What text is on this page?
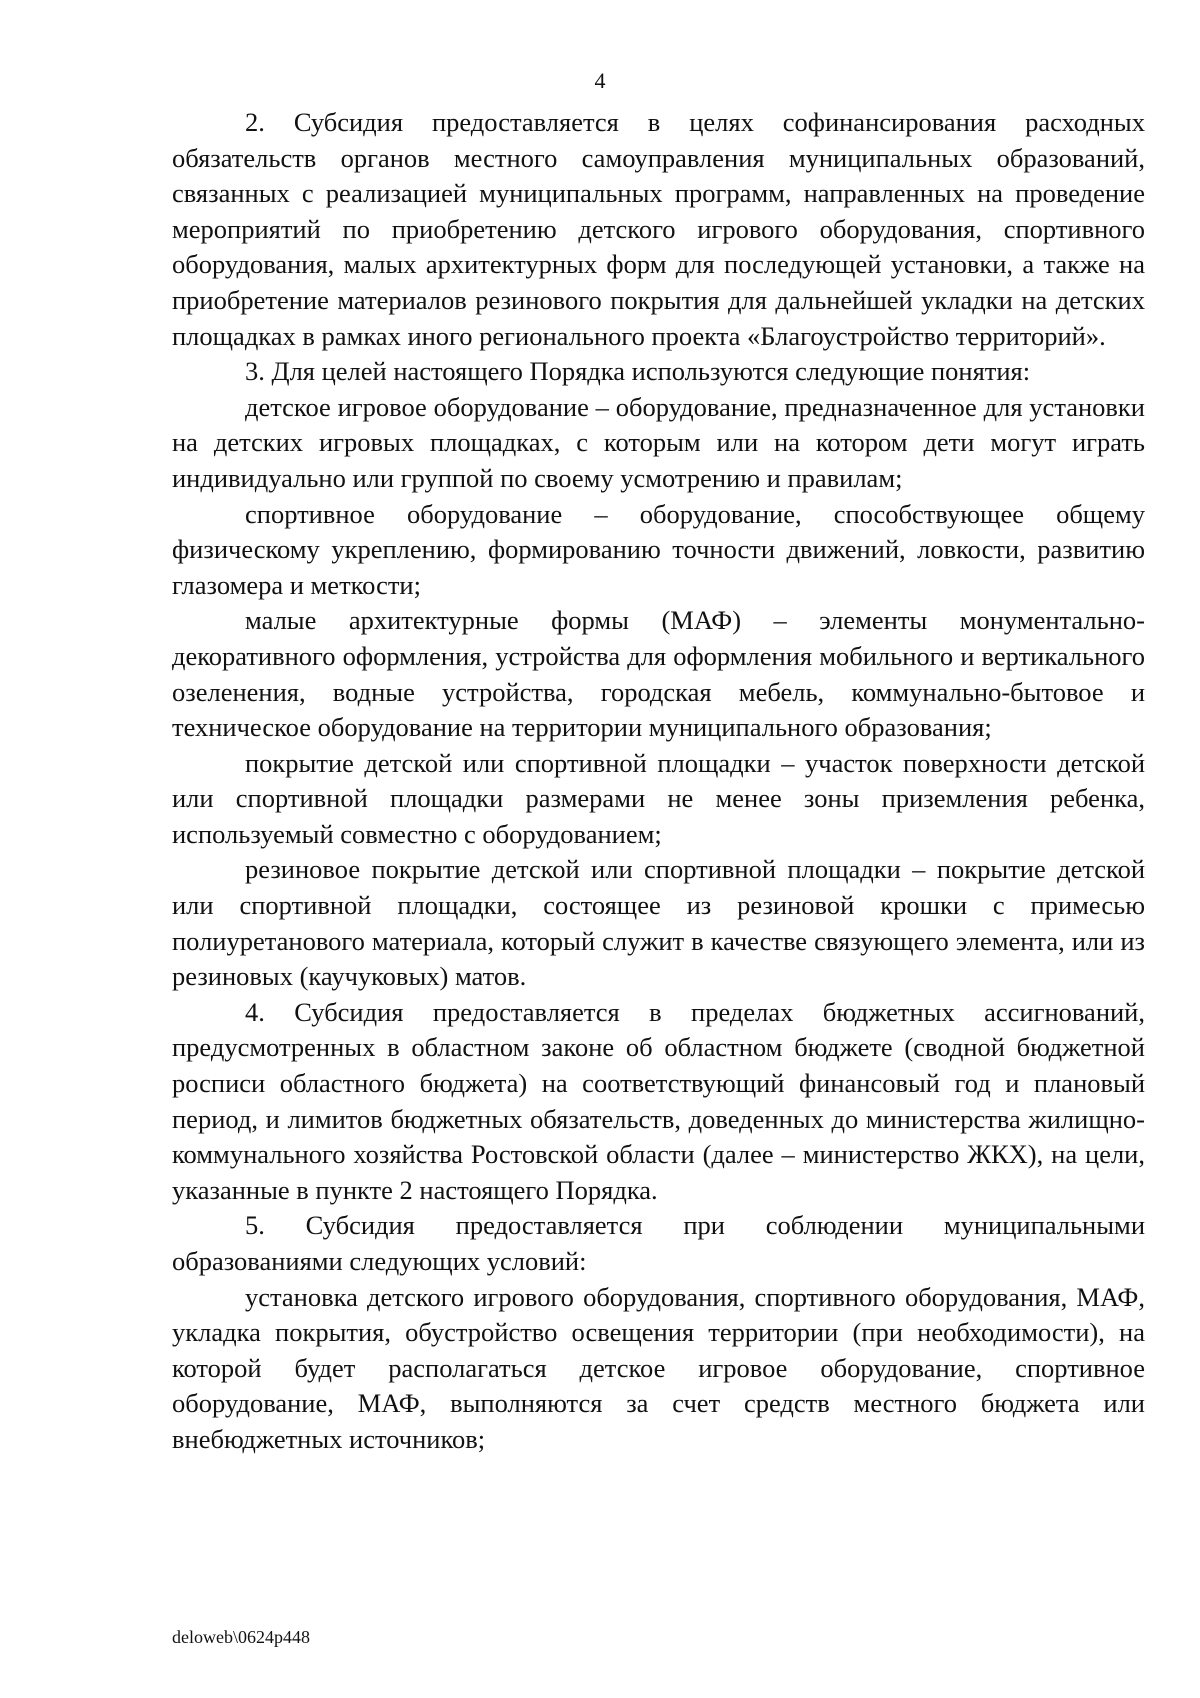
4

2. Субсидия предоставляется в целях софинансирования расходных обязательств органов местного самоуправления муниципальных образований, связанных с реализацией муниципальных программ, направленных на проведение мероприятий по приобретению детского игрового оборудования, спортивного оборудования, малых архитектурных форм для последующей установки, а также на приобретение материалов резинового покрытия для дальнейшей укладки на детских площадках в рамках иного регионального проекта «Благоустройство территорий».

3. Для целей настоящего Порядка используются следующие понятия:

детское игровое оборудование – оборудование, предназначенное для установки на детских игровых площадках, с которым или на котором дети могут играть индивидуально или группой по своему усмотрению и правилам;

спортивное оборудование – оборудование, способствующее общему физическому укреплению, формированию точности движений, ловкости, развитию глазомера и меткости;

малые архитектурные формы (МАФ) – элементы монументально-декоративного оформления, устройства для оформления мобильного и вертикального озеленения, водные устройства, городская мебель, коммунально-бытовое и техническое оборудование на территории муниципального образования;

покрытие детской или спортивной площадки – участок поверхности детской или спортивной площадки размерами не менее зоны приземления ребенка, используемый совместно с оборудованием;

резиновое покрытие детской или спортивной площадки – покрытие детской или спортивной площадки, состоящее из резиновой крошки с примесью полиуретанового материала, который служит в качестве связующего элемента, или из резиновых (каучуковых) матов.

4. Субсидия предоставляется в пределах бюджетных ассигнований, предусмотренных в областном законе об областном бюджете (сводной бюджетной росписи областного бюджета) на соответствующий финансовый год и плановый период, и лимитов бюджетных обязательств, доведенных до министерства жилищно-коммунального хозяйства Ростовской области (далее – министерство ЖКХ), на цели, указанные в пункте 2 настоящего Порядка.

5. Субсидия предоставляется при соблюдении муниципальными образованиями следующих условий:

установка детского игрового оборудования, спортивного оборудования, МАФ, укладка покрытия, обустройство освещения территории (при необходимости), на которой будет располагаться детское игровое оборудование, спортивное оборудование, МАФ, выполняются за счет средств местного бюджета или внебюджетных источников;

deloweb\0624p448
